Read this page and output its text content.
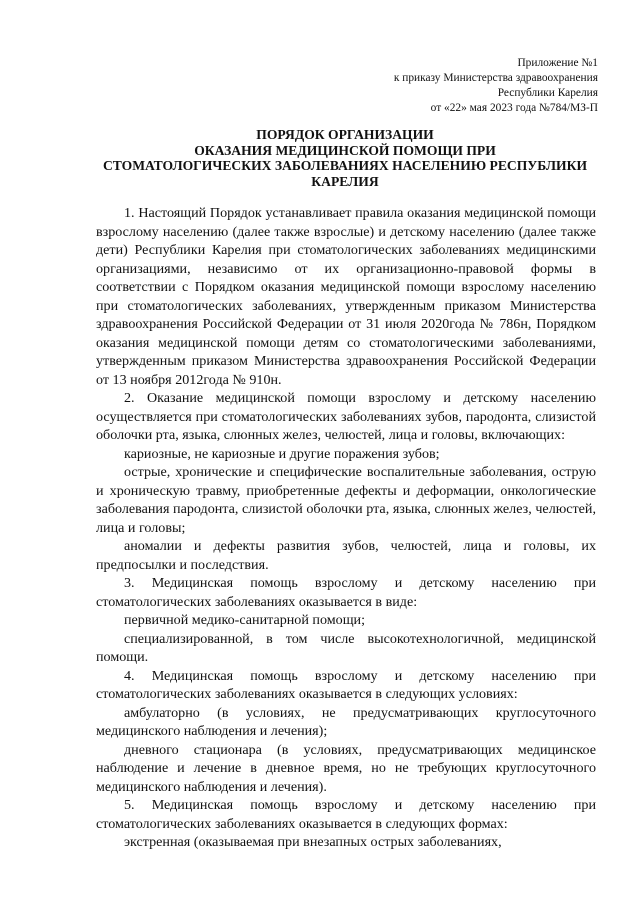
Приложение №1
к приказу Министерства здравоохранения
Республики Карелия
от «22» мая 2023 года №784/МЗ-П
ПОРЯДОК ОРГАНИЗАЦИИ
ОКАЗАНИЯ МЕДИЦИНСКОЙ ПОМОЩИ ПРИ
СТОМАТОЛОГИЧЕСКИХ ЗАБОЛЕВАНИЯХ НАСЕЛЕНИЮ РЕСПУБЛИКИ
КАРЕЛИЯ

1. Настоящий Порядок устанавливает правила оказания медицинской помощи взрослому населению (далее также взрослые) и детскому населению (далее также дети) Республики Карелия при стоматологических заболеваниях медицинскими организациями, независимо от их организационно-правовой формы в соответствии с Порядком оказания медицинской помощи взрослому населению при стоматологических заболеваниях, утвержденным приказом Министерства здравоохранения Российской Федерации от 31 июля 2020года № 786н, Порядком оказания медицинской помощи детям со стоматологическими заболеваниями, утвержденным приказом Министерства здравоохранения Российской Федерации от 13 ноября 2012года № 910н.

2. Оказание медицинской помощи взрослому и детскому населению осуществляется при стоматологических заболеваниях зубов, пародонта, слизистой оболочки рта, языка, слюнных желез, челюстей, лица и головы, включающих:

кариозные, не кариозные и другие поражения зубов;

острые, хронические и специфические воспалительные заболевания, острую и хроническую травму, приобретенные дефекты и деформации, онкологические заболевания пародонта, слизистой оболочки рта, языка, слюнных желез, челюстей, лица и головы;

аномалии и дефекты развития зубов, челюстей, лица и головы, их предпосылки и последствия.

3. Медицинская помощь взрослому и детскому населению при стоматологических заболеваниях оказывается в виде:

первичной медико-санитарной помощи;

специализированной, в том числе высокотехнологичной, медицинской помощи.

4. Медицинская помощь взрослому и детскому населению при стоматологических заболеваниях оказывается в следующих условиях:

амбулаторно (в условиях, не предусматривающих круглосуточного медицинского наблюдения и лечения);

дневного стационара (в условиях, предусматривающих медицинское наблюдение и лечение в дневное время, но не требующих круглосуточного медицинского наблюдения и лечения).

5. Медицинская помощь взрослому и детскому населению при стоматологических заболеваниях оказывается в следующих формах:

экстренная (оказываемая при внезапных острых заболеваниях,
